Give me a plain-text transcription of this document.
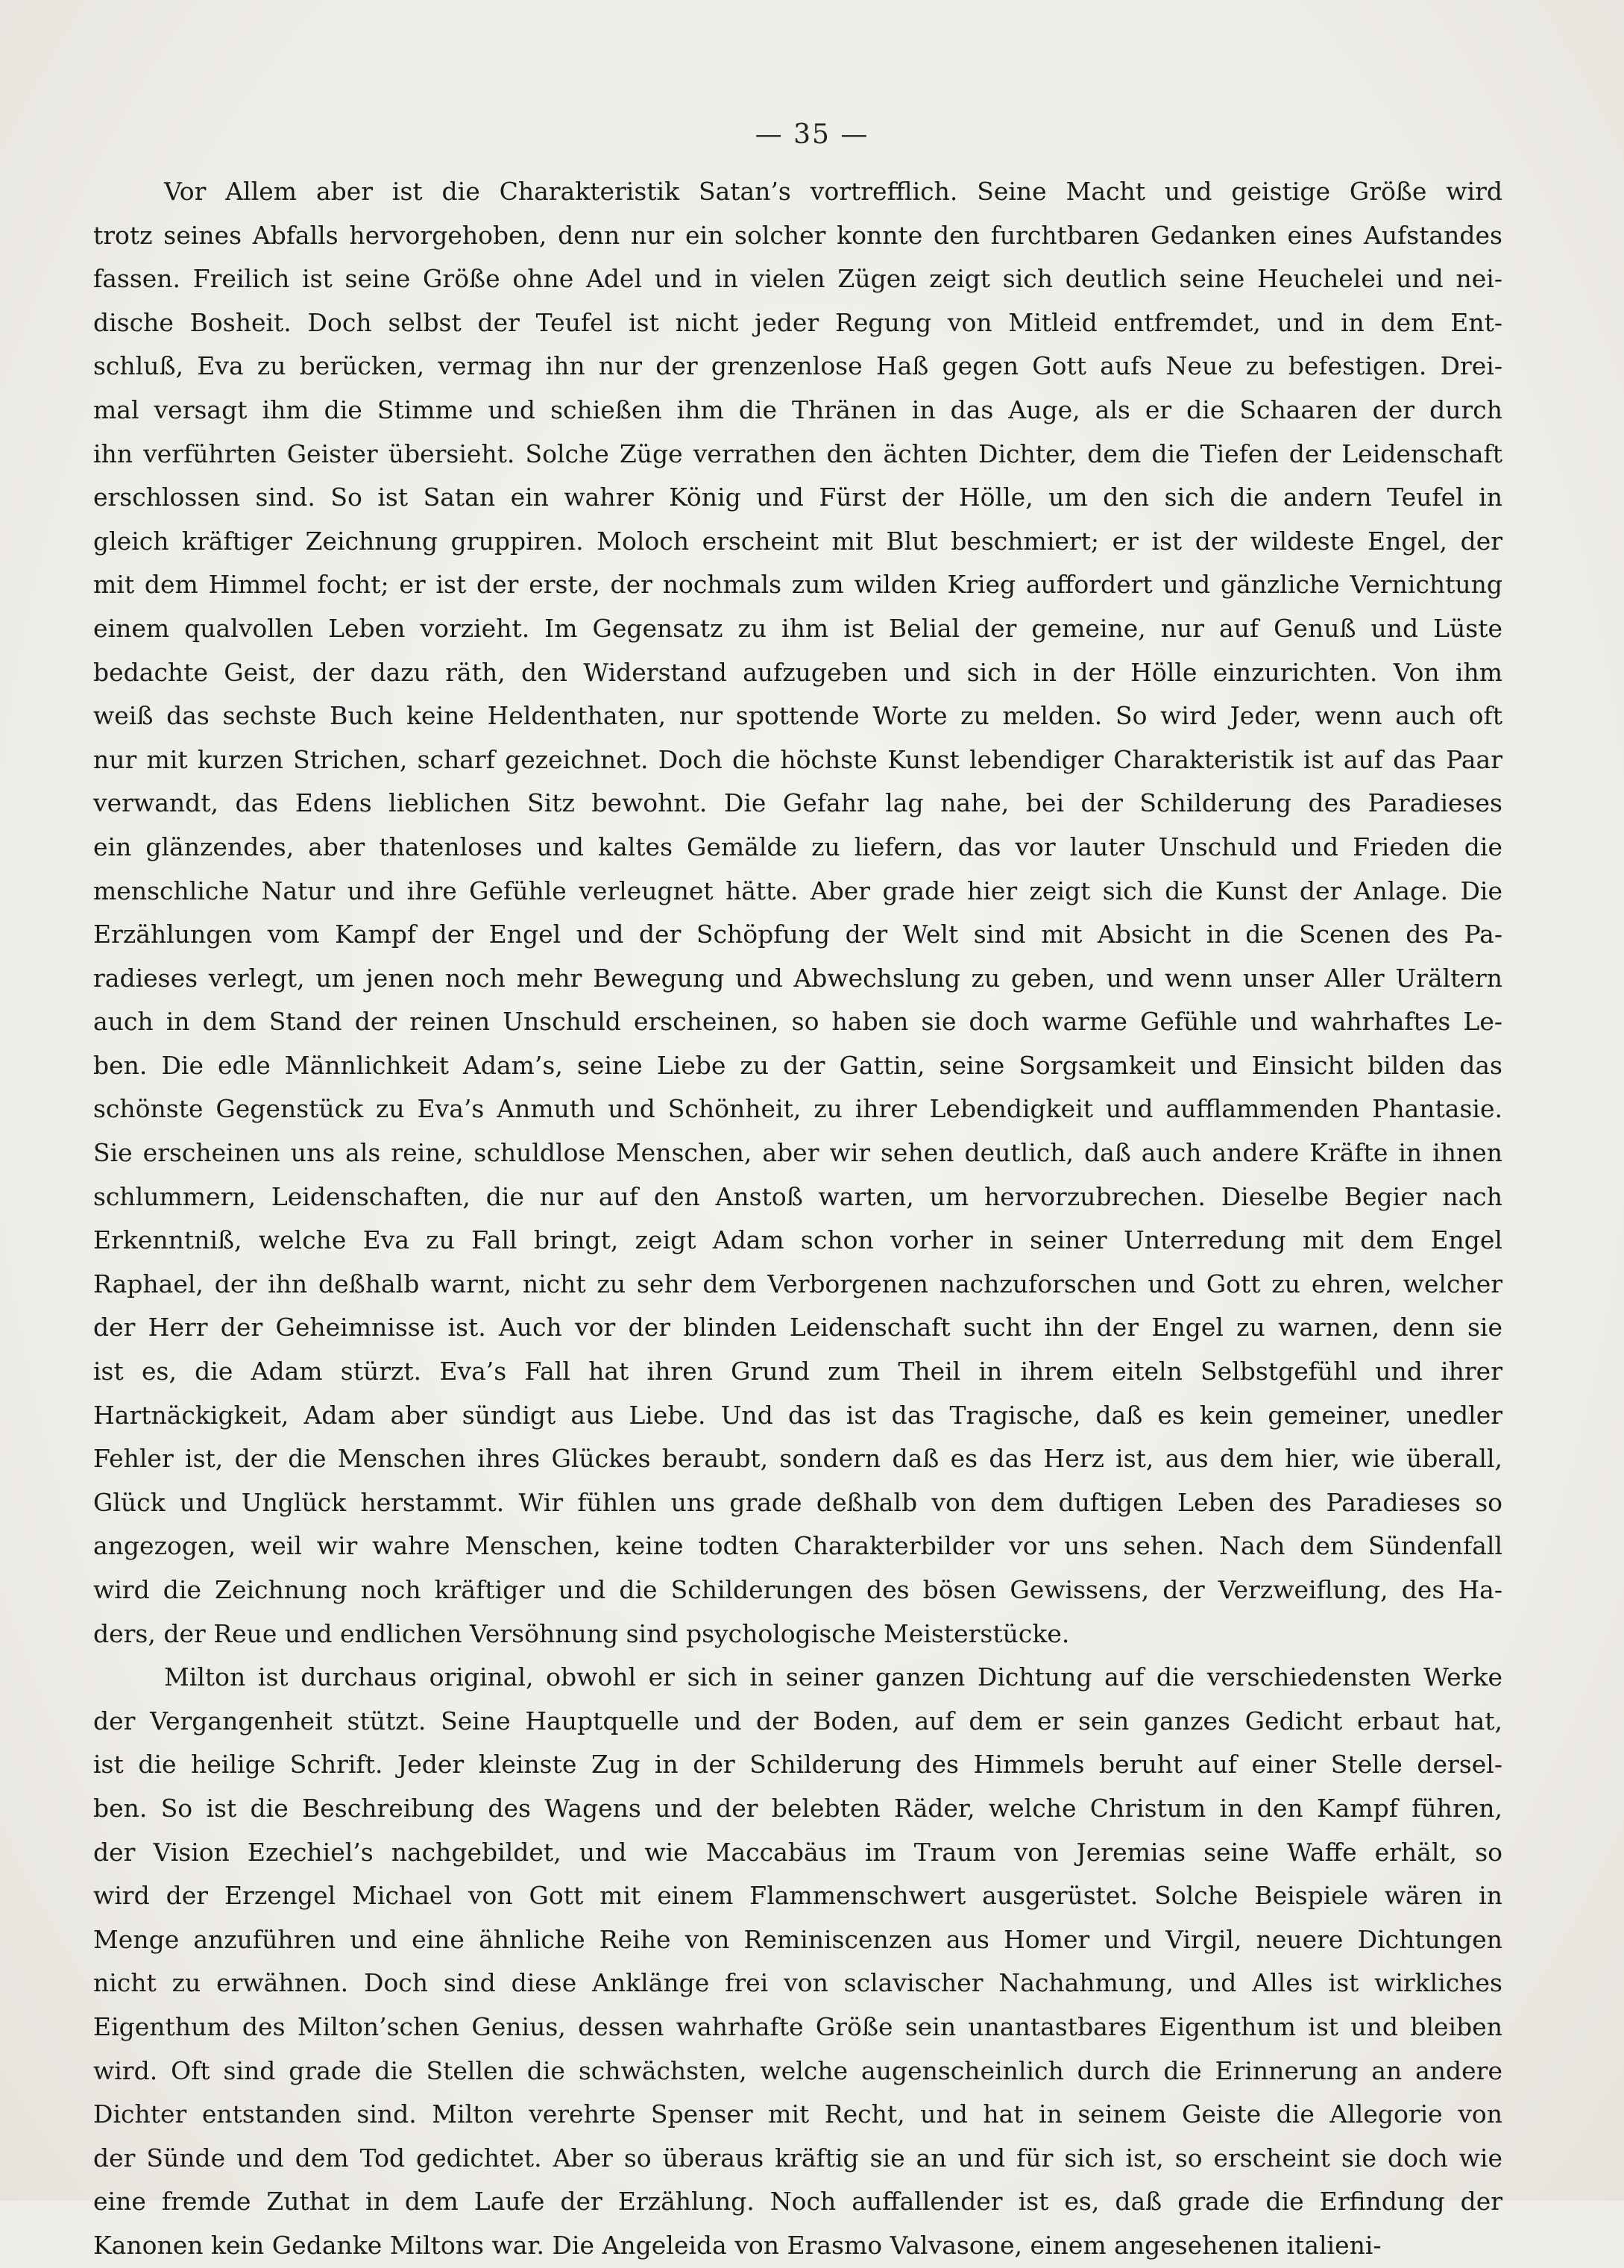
— 35 —
Vor Allem aber ist die Charakteristik Satan’s vortrefflich. Seine Macht und geistige Größe wird
trotz seines Abfalls hervorgehoben, denn nur ein solcher konnte den furchtbaren Gedanken eines Aufstandes
fassen. Freilich ist seine Größe ohne Adel und in vielen Zügen zeigt sich deutlich seine Heuchelei und nei-
dische Bosheit. Doch selbst der Teufel ist nicht jeder Regung von Mitleid entfremdet, und in dem Ent-
schluß, Eva zu berücken, vermag ihn nur der grenzenlose Haß gegen Gott aufs Neue zu befestigen. Drei-
mal versagt ihm die Stimme und schießen ihm die Thränen in das Auge, als er die Schaaren der durch
ihn verführten Geister übersieht. Solche Züge verrathen den ächten Dichter, dem die Tiefen der Leidenschaft
erschlossen sind. So ist Satan ein wahrer König und Fürst der Hölle, um den sich die andern Teufel in
gleich kräftiger Zeichnung gruppiren. Moloch erscheint mit Blut beschmiert; er ist der wildeste Engel, der
mit dem Himmel focht; er ist der erste, der nochmals zum wilden Krieg auffordert und gänzliche Vernichtung
einem qualvollen Leben vorzieht. Im Gegensatz zu ihm ist Belial der gemeine, nur auf Genuß und Lüste
bedachte Geist, der dazu räth, den Widerstand aufzugeben und sich in der Hölle einzurichten. Von ihm
weiß das sechste Buch keine Heldenthaten, nur spottende Worte zu melden. So wird Jeder, wenn auch oft
nur mit kurzen Strichen, scharf gezeichnet. Doch die höchste Kunst lebendiger Charakteristik ist auf das Paar
verwandt, das Edens lieblichen Sitz bewohnt. Die Gefahr lag nahe, bei der Schilderung des Paradieses
ein glänzendes, aber thatenloses und kaltes Gemälde zu liefern, das vor lauter Unschuld und Frieden die
menschliche Natur und ihre Gefühle verleugnet hätte. Aber grade hier zeigt sich die Kunst der Anlage. Die
Erzählungen vom Kampf der Engel und der Schöpfung der Welt sind mit Absicht in die Scenen des Pa-
radieses verlegt, um jenen noch mehr Bewegung und Abwechslung zu geben, und wenn unser Aller Urältern
auch in dem Stand der reinen Unschuld erscheinen, so haben sie doch warme Gefühle und wahrhaftes Le-
ben. Die edle Männlichkeit Adam’s, seine Liebe zu der Gattin, seine Sorgsamkeit und Einsicht bilden das
schönste Gegenstück zu Eva’s Anmuth und Schönheit, zu ihrer Lebendigkeit und aufflammenden Phantasie.
Sie erscheinen uns als reine, schuldlose Menschen, aber wir sehen deutlich, daß auch andere Kräfte in ihnen
schlummern, Leidenschaften, die nur auf den Anstoß warten, um hervorzubrechen. Dieselbe Begier nach
Erkenntniß, welche Eva zu Fall bringt, zeigt Adam schon vorher in seiner Unterredung mit dem Engel
Raphael, der ihn deßhalb warnt, nicht zu sehr dem Verborgenen nachzuforschen und Gott zu ehren, welcher
der Herr der Geheimnisse ist. Auch vor der blinden Leidenschaft sucht ihn der Engel zu warnen, denn sie
ist es, die Adam stürzt. Eva’s Fall hat ihren Grund zum Theil in ihrem eiteln Selbstgefühl und ihrer
Hartnäckigkeit, Adam aber sündigt aus Liebe. Und das ist das Tragische, daß es kein gemeiner, unedler
Fehler ist, der die Menschen ihres Glückes beraubt, sondern daß es das Herz ist, aus dem hier, wie überall,
Glück und Unglück herstammt. Wir fühlen uns grade deßhalb von dem duftigen Leben des Paradieses so
angezogen, weil wir wahre Menschen, keine todten Charakterbilder vor uns sehen. Nach dem Sündenfall
wird die Zeichnung noch kräftiger und die Schilderungen des bösen Gewissens, der Verzweiflung, des Ha-
ders, der Reue und endlichen Versöhnung sind psychologische Meisterstücke.
Milton ist durchaus original, obwohl er sich in seiner ganzen Dichtung auf die verschiedensten Werke
der Vergangenheit stützt. Seine Hauptquelle und der Boden, auf dem er sein ganzes Gedicht erbaut hat,
ist die heilige Schrift. Jeder kleinste Zug in der Schilderung des Himmels beruht auf einer Stelle dersel-
ben. So ist die Beschreibung des Wagens und der belebten Räder, welche Christum in den Kampf führen,
der Vision Ezechiel’s nachgebildet, und wie Maccabäus im Traum von Jeremias seine Waffe erhält, so
wird der Erzengel Michael von Gott mit einem Flammenschwert ausgerüstet. Solche Beispiele wären in
Menge anzuführen und eine ähnliche Reihe von Reminiscenzen aus Homer und Virgil, neuere Dichtungen
nicht zu erwähnen. Doch sind diese Anklänge frei von sclavischer Nachahmung, und Alles ist wirkliches
Eigenthum des Milton’schen Genius, dessen wahrhafte Größe sein unantastbares Eigenthum ist und bleiben
wird. Oft sind grade die Stellen die schwächsten, welche augenscheinlich durch die Erinnerung an andere
Dichter entstanden sind. Milton verehrte Spenser mit Recht, und hat in seinem Geiste die Allegorie von
der Sünde und dem Tod gedichtet. Aber so überaus kräftig sie an und für sich ist, so erscheint sie doch wie
eine fremde Zuthat in dem Laufe der Erzählung. Noch auffallender ist es, daß grade die Erfindung der
Kanonen kein Gedanke Miltons war. Die Angeleida von Erasmo Valvasone, einem angesehenen italieni-
